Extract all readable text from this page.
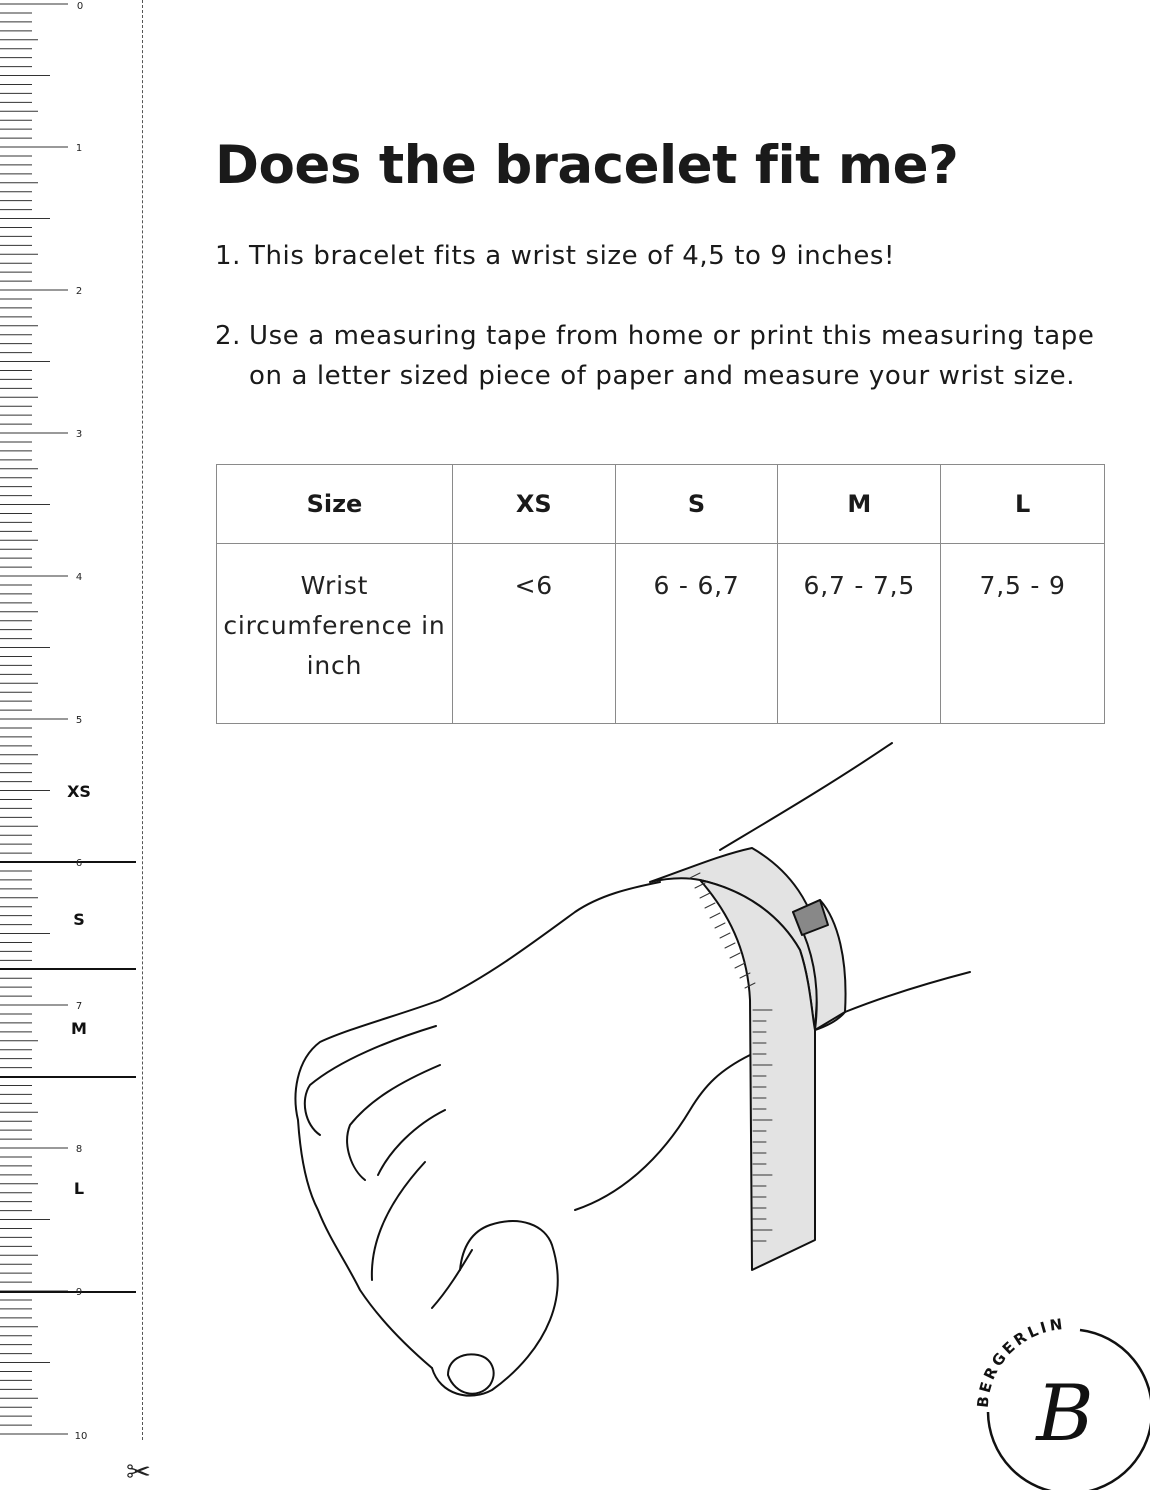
0
1
2
3
4
5
6
7
8
9
10
XS
S
M
L
✂
Does the bracelet fit me?
1. This bracelet fits a wrist size of 4,5 to 9 inches!
2. Use a measuring tape from home or print this measuring tape on a letter sized piece of paper and measure your wrist size.
Size	XS	S	M	L
Wrist circumference in inch	<6	6 - 6,7	6,7 - 7,5	7,5 - 9
BERGERLIN
B
